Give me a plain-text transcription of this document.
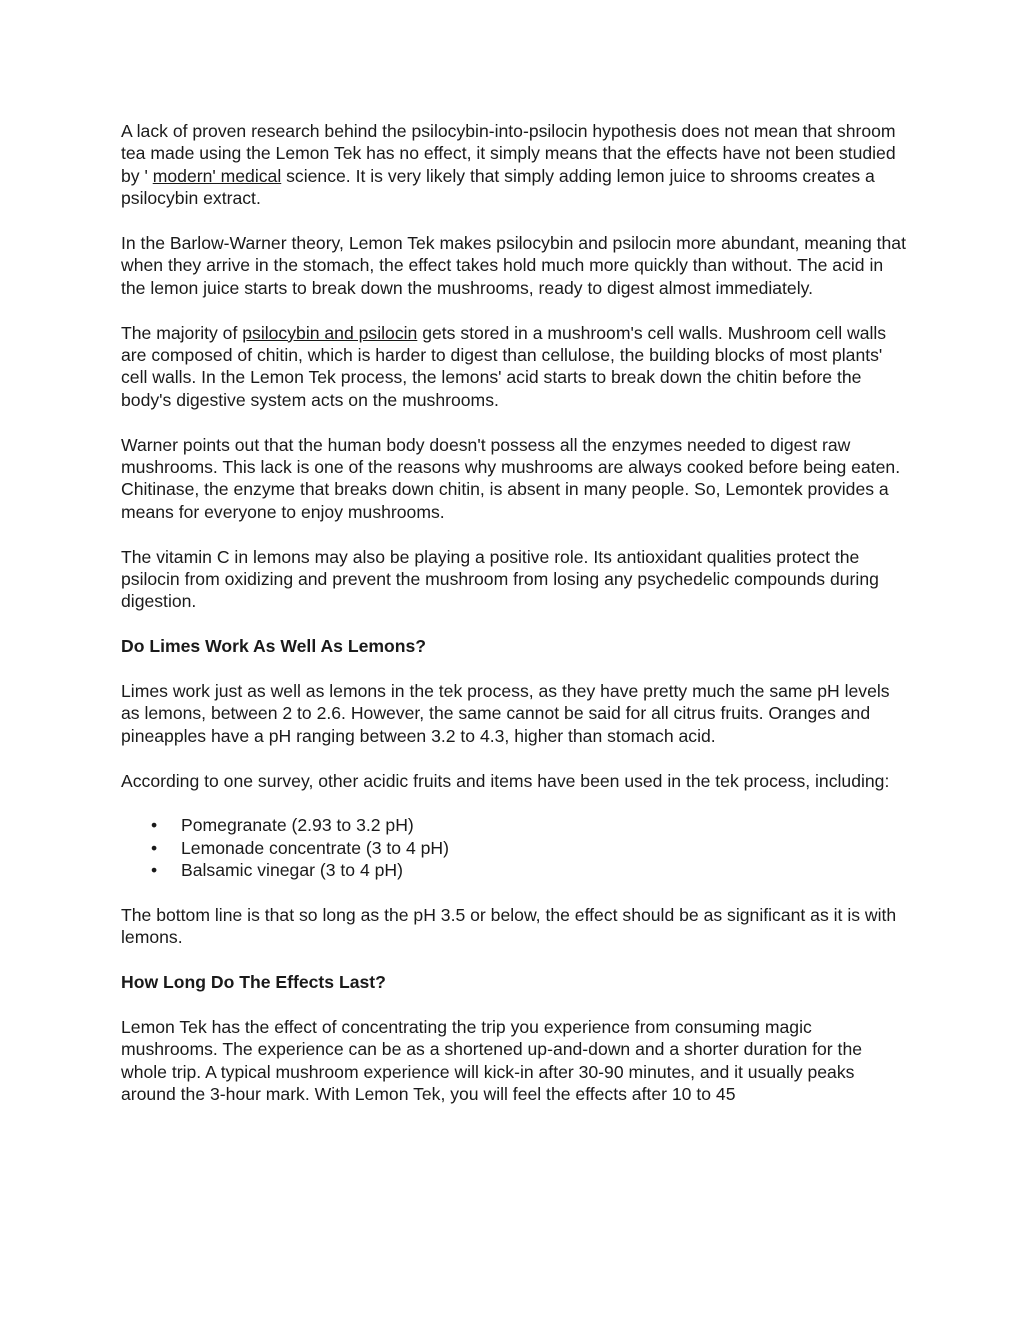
A lack of proven research behind the psilocybin-into-psilocin hypothesis does not mean that shroom tea made using the Lemon Tek has no effect, it simply means that the effects have not been studied by ' modern' medical science. It is very likely that simply adding lemon juice to shrooms creates a psilocybin extract.

In the Barlow-Warner theory, Lemon Tek makes psilocybin and psilocin more abundant, meaning that when they arrive in the stomach, the effect takes hold much more quickly than without. The acid in the lemon juice starts to break down the mushrooms, ready to digest almost immediately.

The majority of psilocybin and psilocin gets stored in a mushroom's cell walls. Mushroom cell walls are composed of chitin, which is harder to digest than cellulose, the building blocks of most plants' cell walls. In the Lemon Tek process, the lemons' acid starts to break down the chitin before the body's digestive system acts on the mushrooms.

Warner points out that the human body doesn't possess all the enzymes needed to digest raw mushrooms. This lack is one of the reasons why mushrooms are always cooked before being eaten. Chitinase, the enzyme that breaks down chitin, is absent in many people. So, Lemontek provides a means for everyone to enjoy mushrooms.

The vitamin C in lemons may also be playing a positive role. Its antioxidant qualities protect the psilocin from oxidizing and prevent the mushroom from losing any psychedelic compounds during digestion.

Do Limes Work As Well As Lemons?

Limes work just as well as lemons in the tek process, as they have pretty much the same pH levels as lemons, between 2 to 2.6. However, the same cannot be said for all citrus fruits. Oranges and pineapples have a pH ranging between 3.2 to 4.3, higher than stomach acid.

According to one survey, other acidic fruits and items have been used in the tek process, including:

• Pomegranate (2.93 to 3.2 pH)
• Lemonade concentrate (3 to 4 pH)
• Balsamic vinegar (3 to 4 pH)

The bottom line is that so long as the pH 3.5 or below, the effect should be as significant as it is with lemons.

How Long Do The Effects Last?

Lemon Tek has the effect of concentrating the trip you experience from consuming magic mushrooms. The experience can be as a shortened up-and-down and a shorter duration for the whole trip. A typical mushroom experience will kick-in after 30-90 minutes, and it usually peaks around the 3-hour mark. With Lemon Tek, you will feel the effects after 10 to 45
